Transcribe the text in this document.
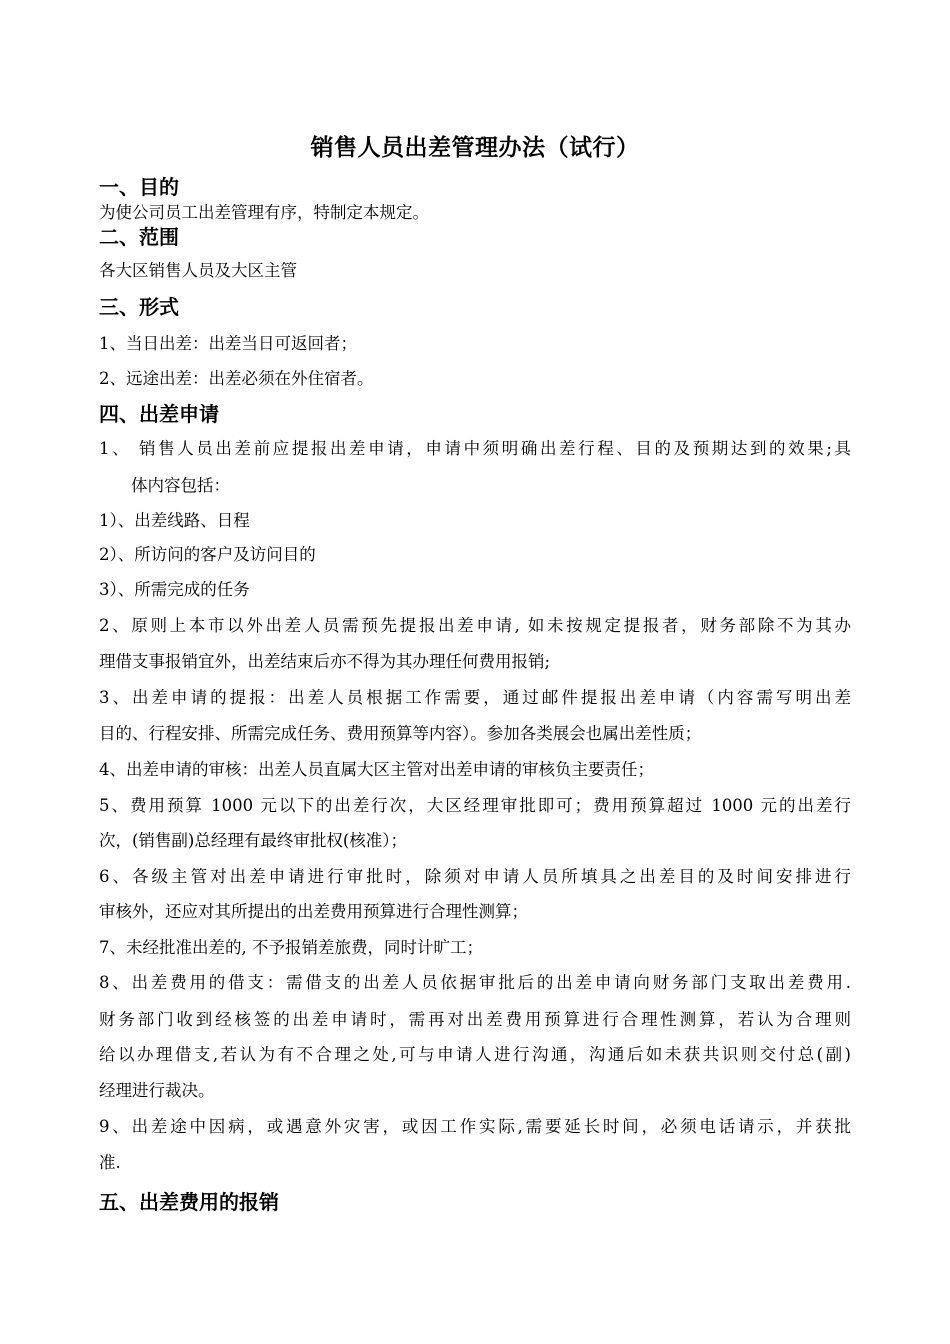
销售人员出差管理办法（试行）
一、目的
为使公司员工出差管理有序，特制定本规定。
二、范围
各大区销售人员及大区主管
三、形式
1、当日出差：出差当日可返回者；
2、远途出差：出差必须在外住宿者。
四、出差申请
1、 销售人员出差前应提报出差申请，申请中须明确出差行程、目的及预期达到的效果;具
体内容包括：
1）、出差线路、日程
2）、所访问的客户及访问目的
3）、所需完成的任务
2、原则上本市以外出差人员需预先提报出差申请, 如未按规定提报者，财务部除不为其办
理借支事报销宜外，出差结束后亦不得为其办理任何费用报销;
3、出差申请的提报：出差人员根据工作需要，通过邮件提报出差申请（内容需写明出差
目的、行程安排、所需完成任务、费用预算等内容）。参加各类展会也属出差性质；
4、出差申请的审核：出差人员直属大区主管对出差申请的审核负主要责任；
5、费用预算 1000 元以下的出差行次，大区经理审批即可；费用预算超过 1000 元的出差行
次，(销售副)总经理有最终审批权(核准）；
6、各级主管对出差申请进行审批时，除须对申请人员所填具之出差目的及时间安排进行
审核外，还应对其所提出的出差费用预算进行合理性测算；
7、未经批准出差的, 不予报销差旅费，同时计旷工；
8、出差费用的借支：需借支的出差人员依据审批后的出差申请向财务部门支取出差费用.
财务部门收到经核签的出差申请时，需再对出差费用预算进行合理性测算，若认为合理则
给以办理借支,若认为有不合理之处,可与申请人进行沟通，沟通后如未获共识则交付总(副)
经理进行裁决。
9、出差途中因病，或遇意外灾害，或因工作实际,需要延长时间，必须电话请示，并获批
准.
五、出差费用的报销
